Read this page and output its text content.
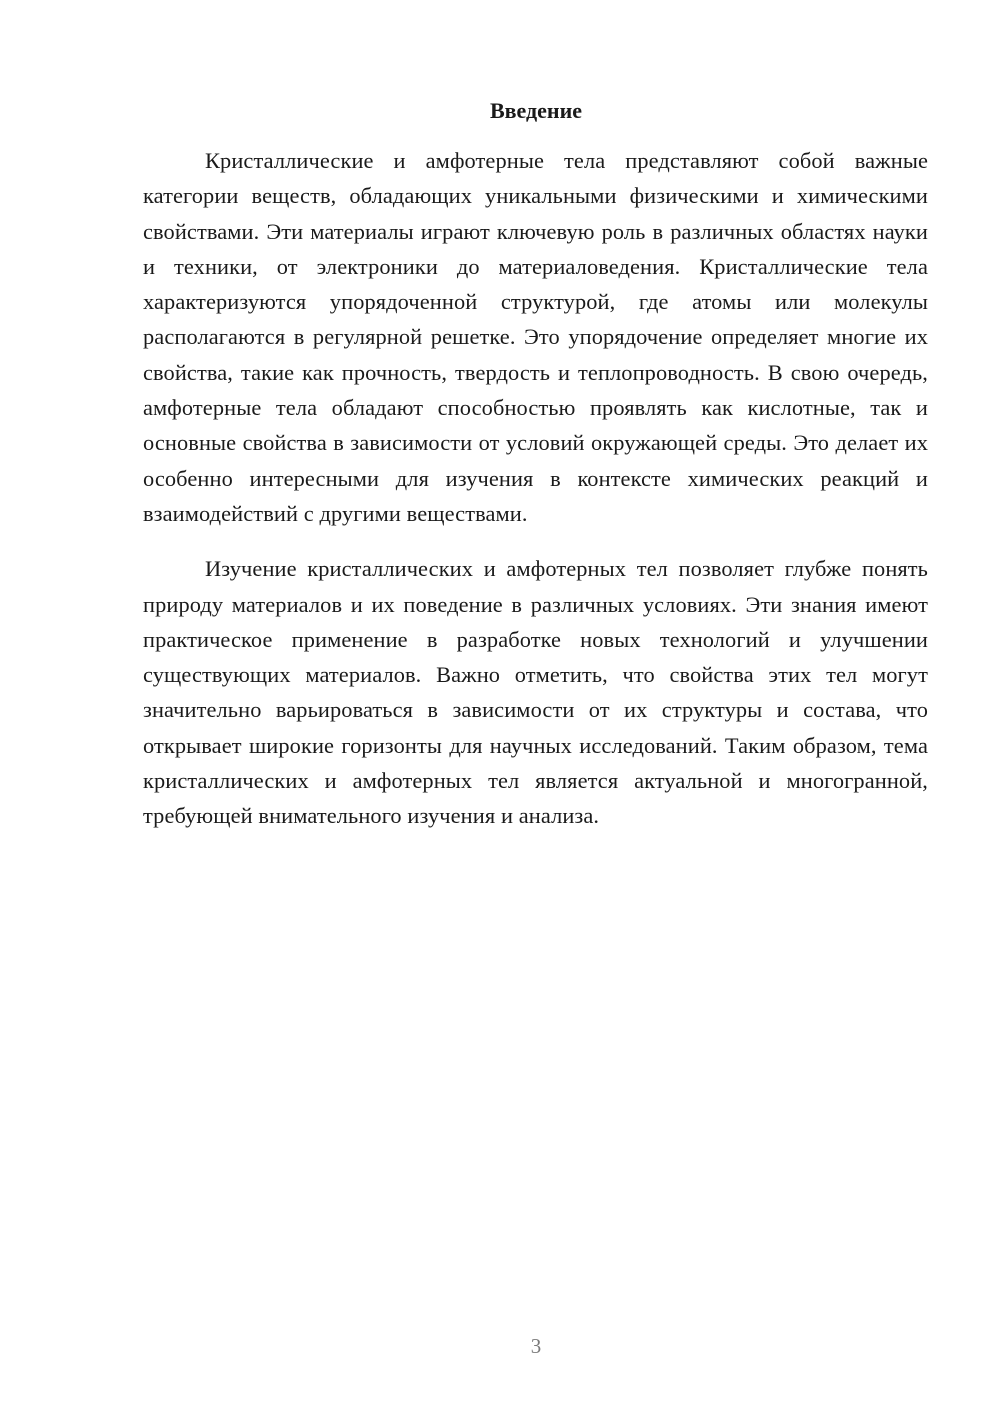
Введение

Кристаллические и амфотерные тела представляют собой важные категории веществ, обладающих уникальными физическими и химическими свойствами. Эти материалы играют ключевую роль в различных областях науки и техники, от электроники до материаловедения. Кристаллические тела характеризуются упорядоченной структурой, где атомы или молекулы располагаются в регулярной решетке. Это упорядочение определяет многие их свойства, такие как прочность, твердость и теплопроводность. В свою очередь, амфотерные тела обладают способностью проявлять как кислотные, так и основные свойства в зависимости от условий окружающей среды. Это делает их особенно интересными для изучения в контексте химических реакций и взаимодействий с другими веществами.

Изучение кристаллических и амфотерных тел позволяет глубже понять природу материалов и их поведение в различных условиях. Эти знания имеют практическое применение в разработке новых технологий и улучшении существующих материалов. Важно отметить, что свойства этих тел могут значительно варьироваться в зависимости от их структуры и состава, что открывает широкие горизонты для научных исследований. Таким образом, тема кристаллических и амфотерных тел является актуальной и многогранной, требующей внимательного изучения и анализа.

3
